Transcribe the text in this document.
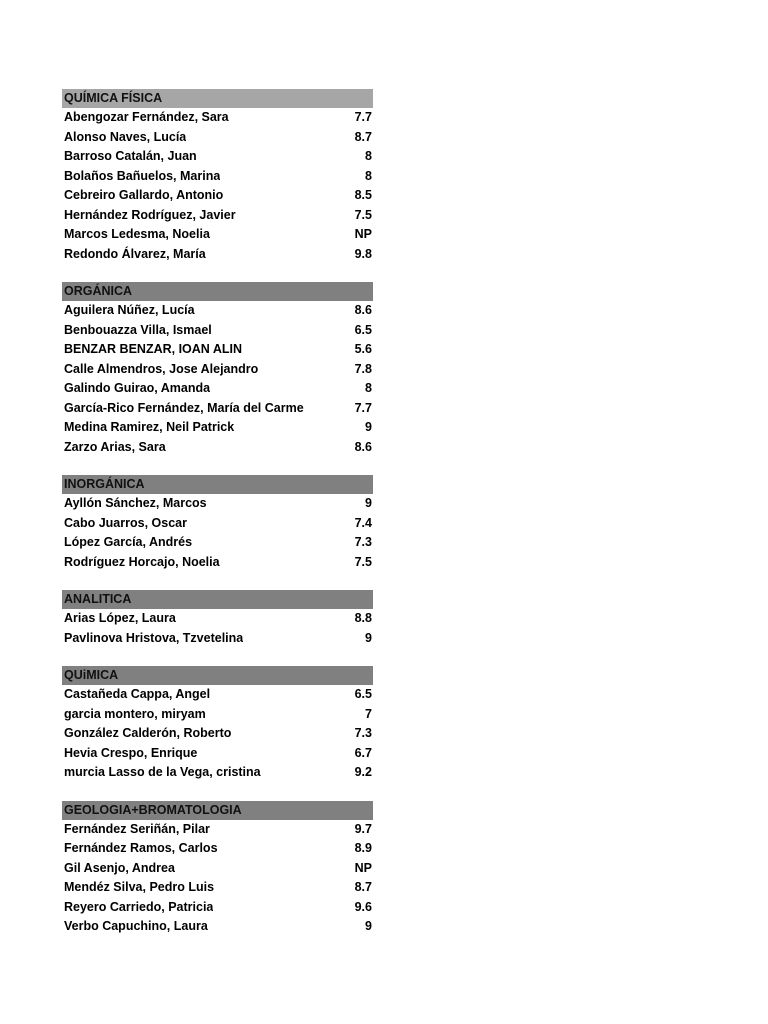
QUÍMICA FÍSICA
Abengozar Fernández, Sara	7.7
Alonso Naves, Lucía	8.7
Barroso Catalán, Juan	8
Bolaños Bañuelos, Marina	8
Cebreiro Gallardo, Antonio	8.5
Hernández Rodríguez, Javier	7.5
Marcos Ledesma, Noelia	NP
Redondo Álvarez, María	9.8
ORGÁNICA
Aguilera Núñez, Lucía	8.6
Benbouazza Villa, Ismael	6.5
BENZAR BENZAR, IOAN ALIN	5.6
Calle Almendros, Jose Alejandro	7.8
Galindo Guirao, Amanda	8
García-Rico Fernández, María del Carme	7.7
Medina Ramirez, Neil Patrick	9
Zarzo Arias, Sara	8.6
INORGÁNICA
Ayllón Sánchez, Marcos	9
Cabo Juarros, Oscar	7.4
López García, Andrés	7.3
Rodríguez Horcajo, Noelia	7.5
ANALITICA
Arias López, Laura	8.8
Pavlinova Hristova, Tzvetelina	9
QUiMICA
Castañeda Cappa, Angel	6.5
garcia montero, miryam	7
González Calderón, Roberto	7.3
Hevia Crespo, Enrique	6.7
murcia Lasso de la Vega, cristina	9.2
GEOLOGIA+BROMATOLOGIA
Fernández Seriñán, Pilar	9.7
Fernández Ramos, Carlos	8.9
Gil Asenjo, Andrea	NP
Mendéz Silva, Pedro Luis	8.7
Reyero Carriedo, Patricia	9.6
Verbo Capuchino, Laura	9
